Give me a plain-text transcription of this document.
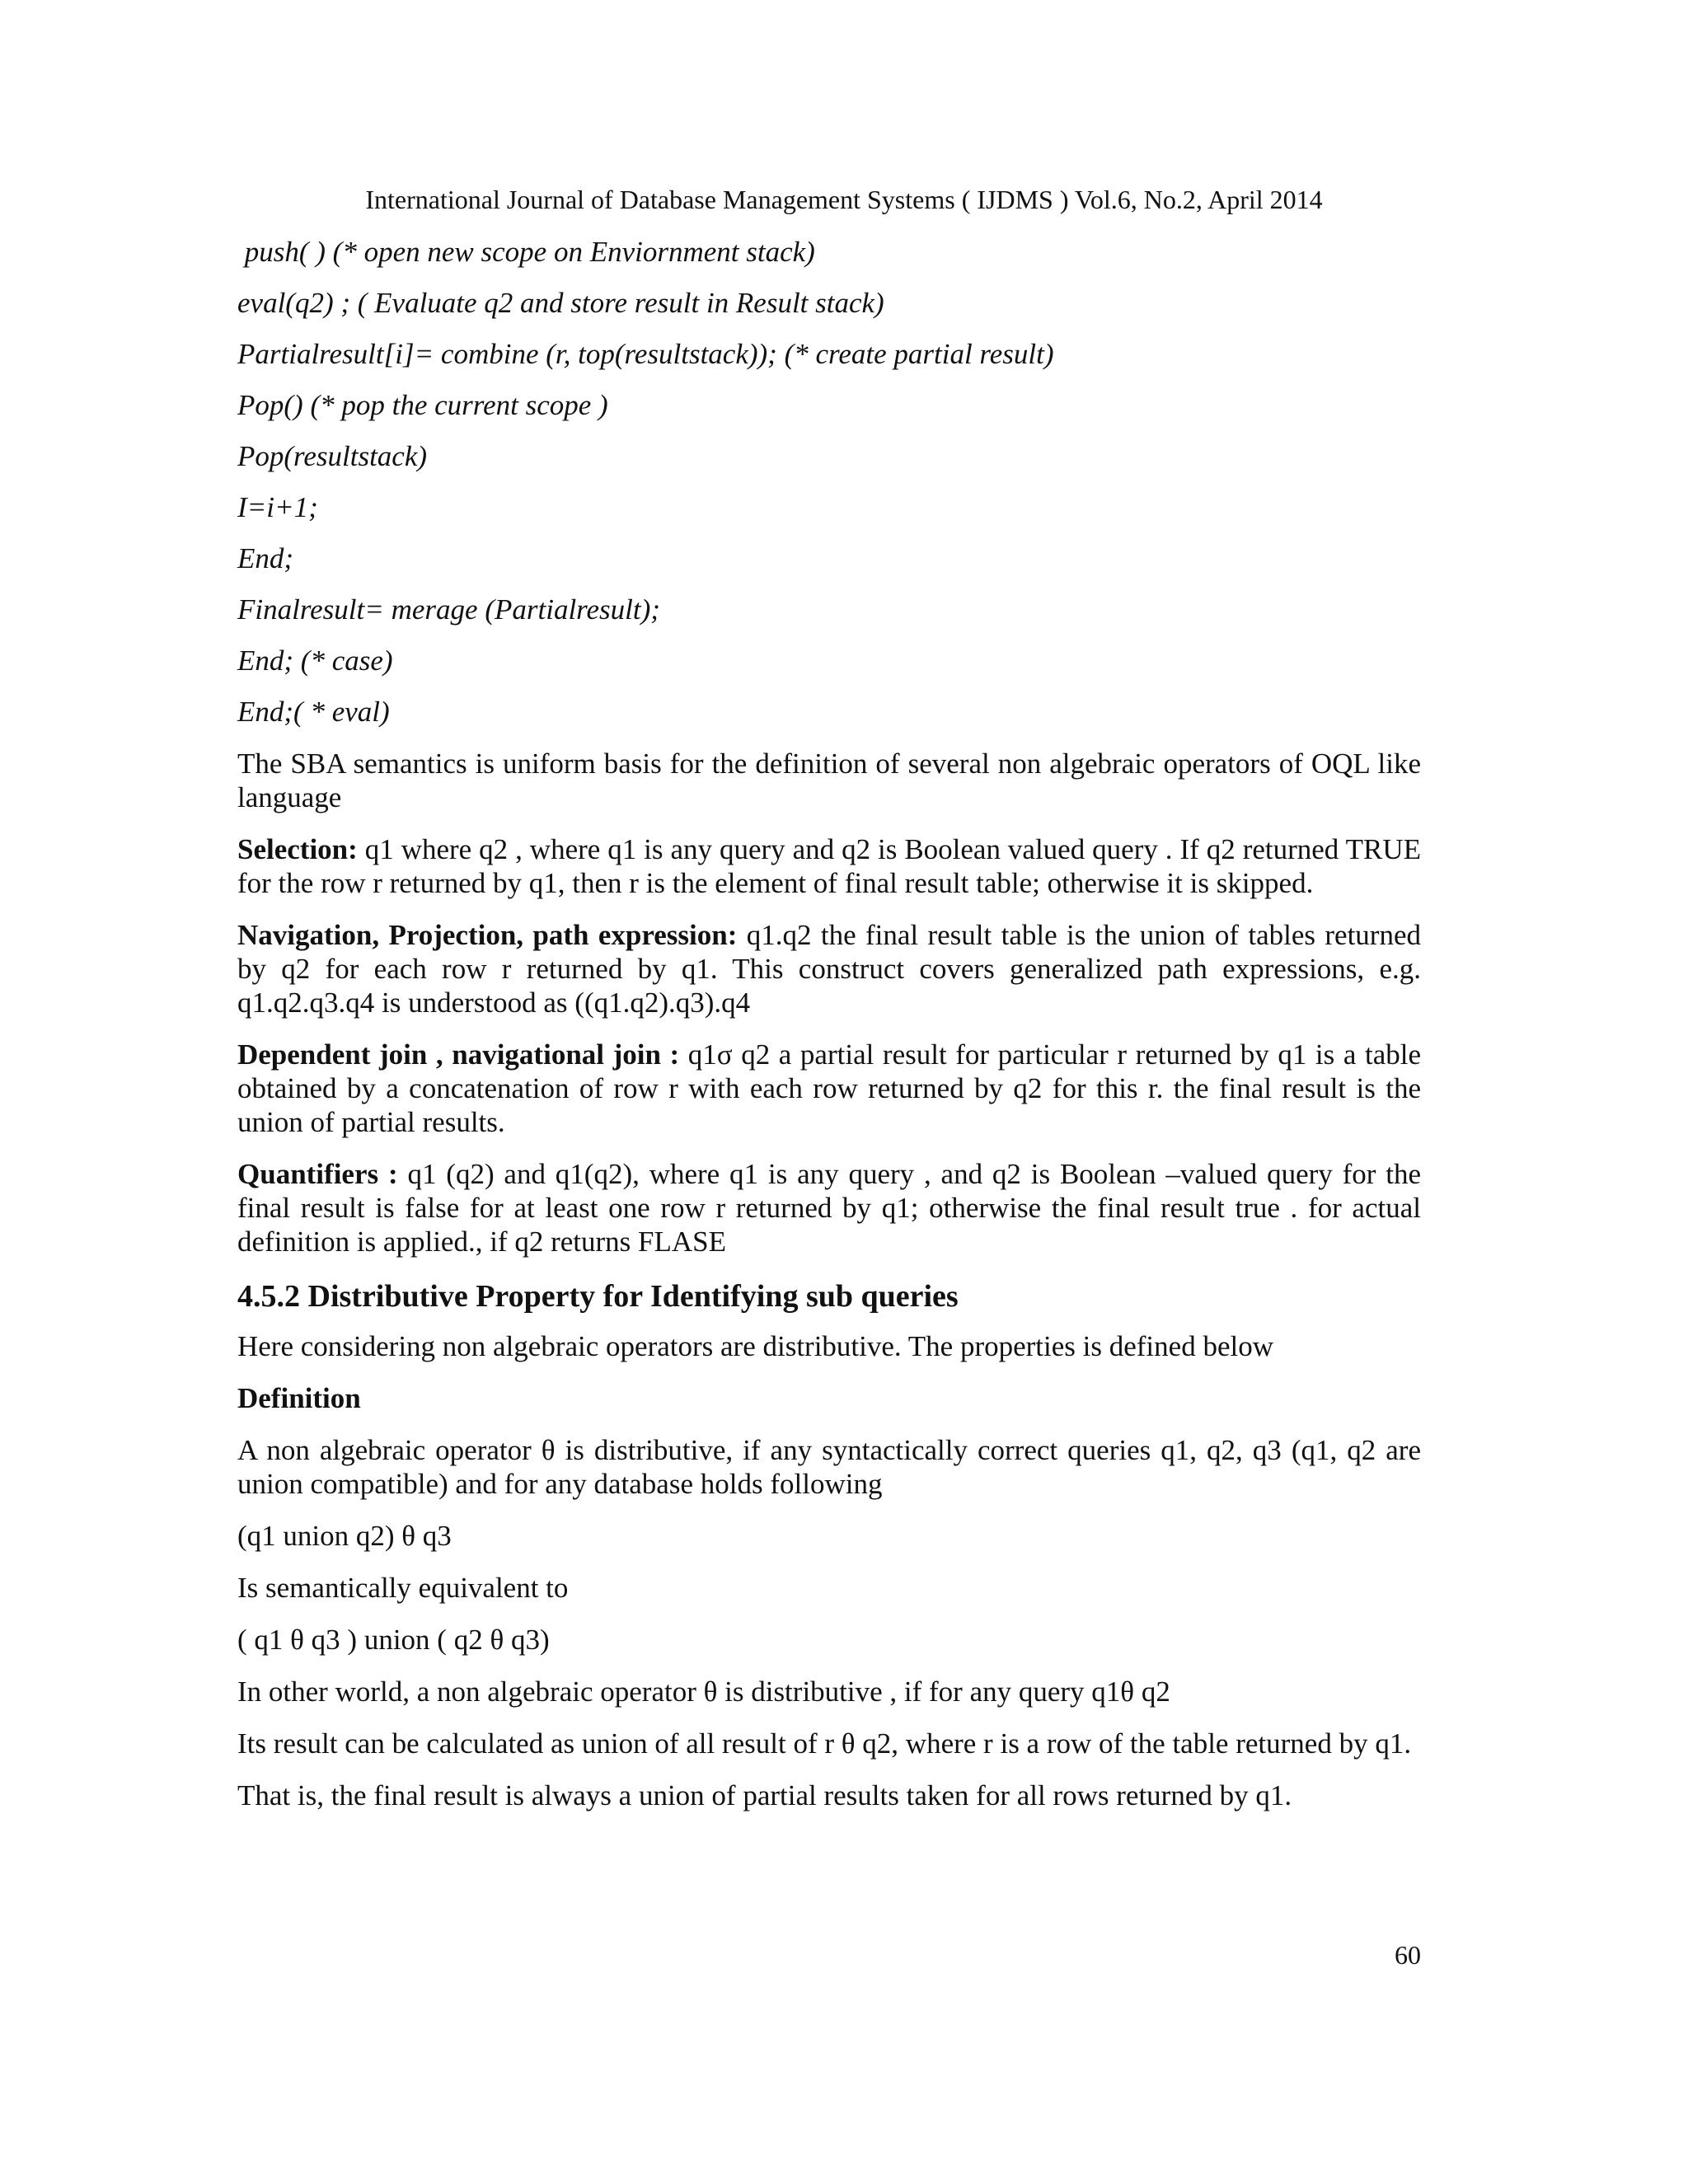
International Journal of Database Management Systems ( IJDMS ) Vol.6, No.2, April 2014
push( ) (* open new scope on Enviornment stack)
eval(q2) ; ( Evaluate q2 and store result in Result stack)
Partialresult[i]= combine (r, top(resultstack)); (* create partial result)
Pop() (* pop the current scope )
Pop(resultstack)
I=i+1;
End;
Finalresult= merage (Partialresult);
End; (* case)
End;( * eval)

The SBA semantics is uniform basis for the definition of several non algebraic operators of OQL like language

Selection: q1 where q2 , where q1 is any query and q2 is Boolean valued query . If q2 returned TRUE for the row r returned by q1, then r is the element of final result table; otherwise it is skipped.

Navigation, Projection, path expression: q1.q2 the final result table is the union of tables returned by q2 for each row r returned by q1. This construct covers generalized path expressions, e.g. q1.q2.q3.q4 is understood as ((q1.q2).q3).q4

Dependent join , navigational join : q1σ q2 a partial result for particular r returned by q1 is a table obtained by a concatenation of row r with each row returned by q2 for this r. the final result is the union of partial results.

Quantifiers : q1 (q2) and q1(q2), where q1 is any query , and q2 is Boolean –valued query for the final result is false for at least one row r returned by q1; otherwise the final result true . for actual definition is applied., if q2 returns FLASE

4.5.2 Distributive Property for Identifying sub queries

Here considering non algebraic operators are distributive. The properties is defined below

Definition

A non algebraic operator θ is distributive, if any syntactically correct queries q1, q2, q3 (q1, q2 are union compatible) and for any database holds following

(q1 union q2) θ q3

Is semantically equivalent to

( q1 θ q3 ) union ( q2 θ q3)

In other world, a non algebraic operator θ is distributive , if for any query q1θ q2

Its result can be calculated as union of all result of r θ q2, where r is a row of the table returned by q1.

That is, the final result is always a union of partial results taken for all rows returned by q1.

60
